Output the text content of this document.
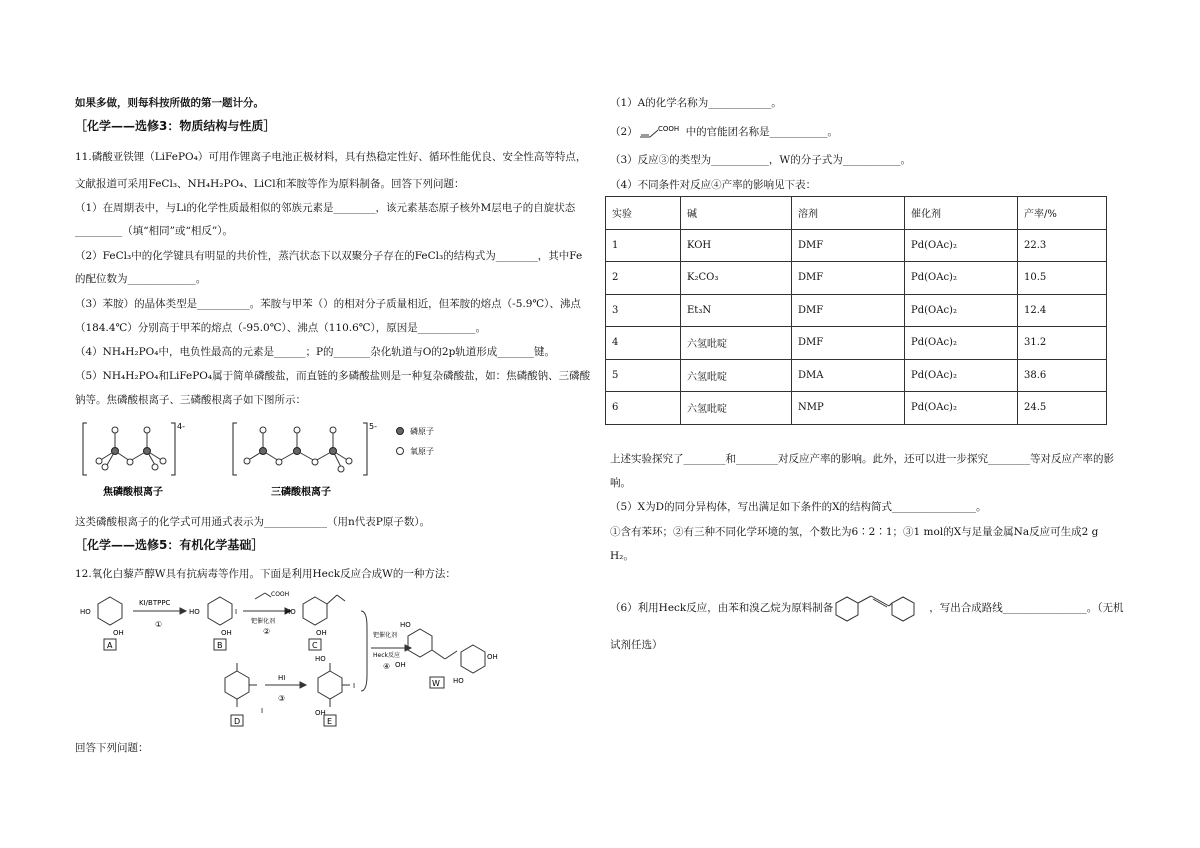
如果多做，则每科按所做的第一题计分。
［化学——选修3：物质结构与性质］
11.磷酸亚铁锂（LiFePO₄）可用作锂离子电池正极材料，具有热稳定性好、循环性能优良、安全性高等特点，
文献报道可采用FeCl₃、NH₄H₂PO₄、LiCl和苯胺等作为原料制备。回答下列问题：
（1）在周期表中，与Li的化学性质最相似的邻族元素是________，该元素基态原子核外M层电子的自旋状态
_________（填“相同”或“相反”）。
（2）FeCl₃中的化学键具有明显的共价性，蒸汽状态下以双聚分子存在的FeCl₃的结构式为________，其中Fe
的配位数为_____________。
（3）苯胺）的晶体类型是__________。苯胺与甲苯（）的相对分子质量相近，但苯胺的熔点（-5.9℃）、沸点
（184.4℃）分别高于甲苯的熔点（-95.0℃）、沸点（110.6℃），原因是___________。
（4）NH₄H₂PO₄中，电负性最高的元素是______；P的_______杂化轨道与O的2p轨道形成_______键。
（5）NH₄H₂PO₄和LiFePO₄属于简单磷酸盐，而直链的多磷酸盐则是一种复杂磷酸盐，如：焦磷酸钠、三磷酸
钠等。焦磷酸根离子、三磷酸根离子如下图所示：
4-
焦磷酸根离子
5-
三磷酸根离子
磷原子
氧原子
这类磷酸根离子的化学式可用通式表示为____________（用n代表P原子数）。
［化学——选修5：有机化学基础］
12.氧化白藜芦醇W具有抗病毒等作用。下面是利用Heck反应合成W的一种方法：
HO
OH
KI/BTPPC
①
HO	I
OH
COOH
钯催化剂
②
HO
OH
I
HI
③
HO
OH
I
钯催化剂
Heck反应
④
HO
OH
OH
HO
A	B	C
D	E
W
回答下列问题：
（1）A的化学名称为____________。
（2）	COOH 中的官能团名称是___________。
（3）反应③的类型为___________，W的分子式为___________。
（4）不同条件对反应④产率的影响见下表：
实验	碱	溶剂	催化剂	产率/%
1	KOH	DMF	Pd(OAc)₂	22.3
2	K₂CO₃	DMF	Pd(OAc)₂	10.5
3	Et₃N	DMF	Pd(OAc)₂	12.4
4	六氢吡啶	DMF	Pd(OAc)₂	31.2
5	六氢吡啶	DMA	Pd(OAc)₂	38.6
6	六氢吡啶	NMP	Pd(OAc)₂	24.5
上述实验探究了________和________对反应产率的影响。此外，还可以进一步探究________等对反应产率的影
响。
（5）X为D的同分异构体，写出满足如下条件的X的结构简式________________。
①含有苯环；②有三种不同化学环境的氢，个数比为6∶2∶1；③1 mol的X与足量金属Na反应可生成2 g
H₂。
（6）利用Heck反应，由苯和溴乙烷为原料制备	，写出合成路线________________。（无机
试剂任选）
